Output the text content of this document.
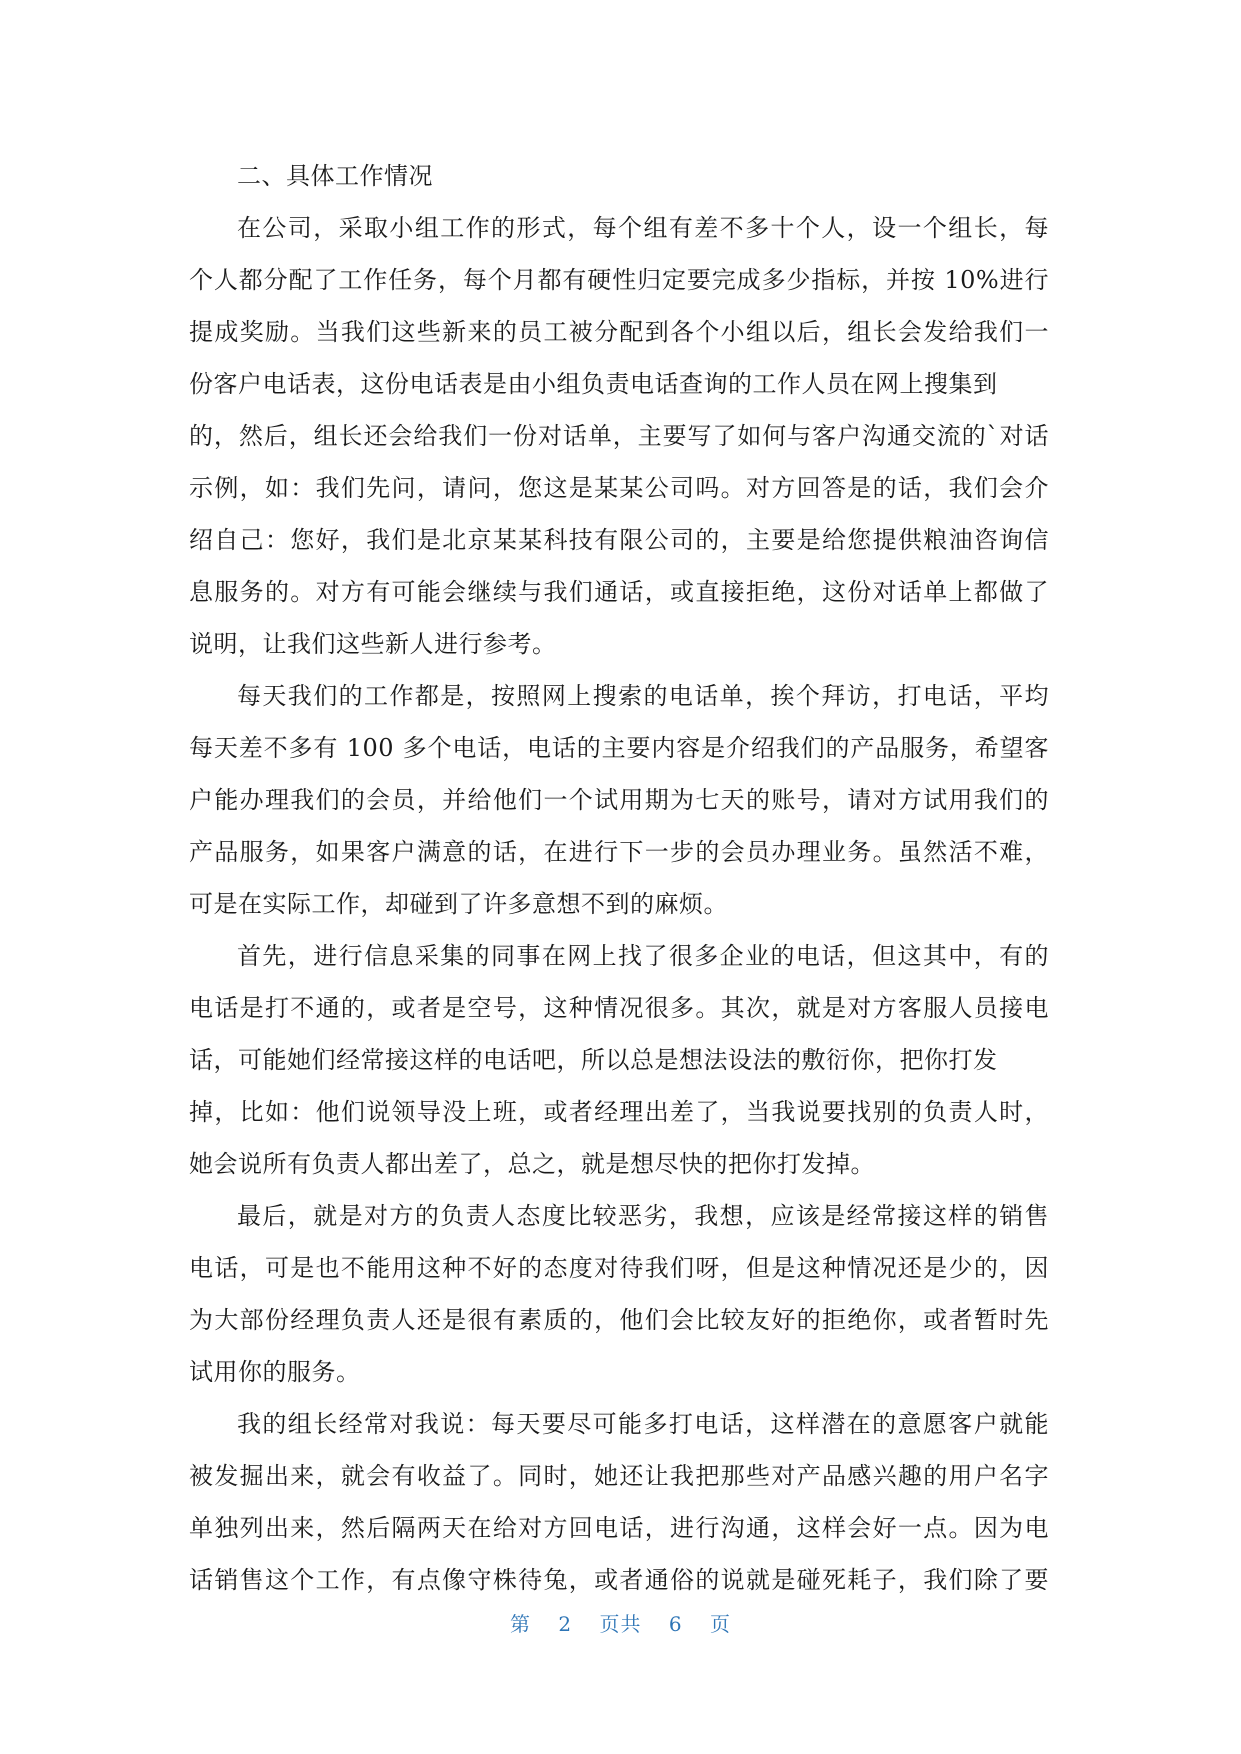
二、具体工作情况
在公司，采取小组工作的形式，每个组有差不多十个人，设一个组长，每
个人都分配了工作任务，每个月都有硬性归定要完成多少指标，并按 10%进行
提成奖励。当我们这些新来的员工被分配到各个小组以后，组长会发给我们一
份客户电话表，这份电话表是由小组负责电话查询的工作人员在网上搜集到
的，然后，组长还会给我们一份对话单，主要写了如何与客户沟通交流的`对话
示例，如：我们先问，请问，您这是某某公司吗。对方回答是的话，我们会介
绍自己：您好，我们是北京某某科技有限公司的，主要是给您提供粮油咨询信
息服务的。对方有可能会继续与我们通话，或直接拒绝，这份对话单上都做了
说明，让我们这些新人进行参考。
每天我们的工作都是，按照网上搜索的电话单，挨个拜访，打电话，平均
每天差不多有 100 多个电话，电话的主要内容是介绍我们的产品服务，希望客
户能办理我们的会员，并给他们一个试用期为七天的账号，请对方试用我们的
产品服务，如果客户满意的话，在进行下一步的会员办理业务。虽然活不难，
可是在实际工作，却碰到了许多意想不到的麻烦。
首先，进行信息采集的同事在网上找了很多企业的电话，但这其中，有的
电话是打不通的，或者是空号，这种情况很多。其次，就是对方客服人员接电
话，可能她们经常接这样的电话吧，所以总是想法设法的敷衍你，把你打发
掉，比如：他们说领导没上班，或者经理出差了，当我说要找别的负责人时，
她会说所有负责人都出差了，总之，就是想尽快的把你打发掉。
最后，就是对方的负责人态度比较恶劣，我想，应该是经常接这样的销售
电话，可是也不能用这种不好的态度对待我们呀，但是这种情况还是少的，因
为大部份经理负责人还是很有素质的，他们会比较友好的拒绝你，或者暂时先
试用你的服务。
我的组长经常对我说：每天要尽可能多打电话，这样潜在的意愿客户就能
被发掘出来，就会有收益了。同时，她还让我把那些对产品感兴趣的用户名字
单独列出来，然后隔两天在给对方回电话，进行沟通，这样会好一点。因为电
话销售这个工作，有点像守株待兔，或者通俗的说就是碰死耗子，我们除了要
第 2 页共 6 页
